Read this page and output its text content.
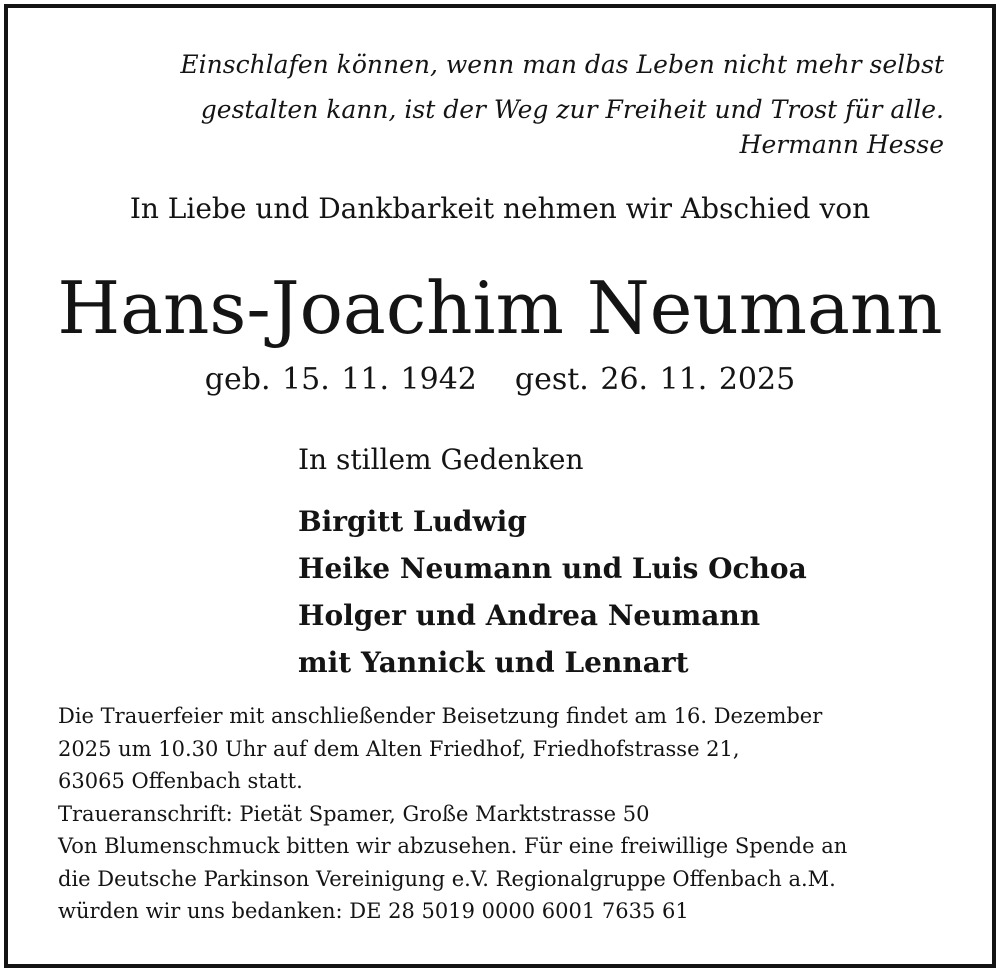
Einschlafen können, wenn man das Leben nicht mehr selbst
gestalten kann, ist der Weg zur Freiheit und Trost für alle.
Hermann Hesse
In Liebe und Dankbarkeit nehmen wir Abschied von
Hans-Joachim Neumann
geb. 15. 11. 1942 gest. 26. 11. 2025
In stillem Gedenken
Birgitt Ludwig
Heike Neumann und Luis Ochoa
Holger und Andrea Neumann
mit Yannick und Lennart
Die Trauerfeier mit anschließender Beisetzung findet am 16. Dezember
2025 um 10.30 Uhr auf dem Alten Friedhof, Friedhofstrasse 21,
63065 Offenbach statt.
Traueranschrift: Pietät Spamer, Große Marktstrasse 50
Von Blumenschmuck bitten wir abzusehen. Für eine freiwillige Spende an
die Deutsche Parkinson Vereinigung e.V. Regionalgruppe Offenbach a.M.
würden wir uns bedanken: DE 28 5019 0000 6001 7635 61
